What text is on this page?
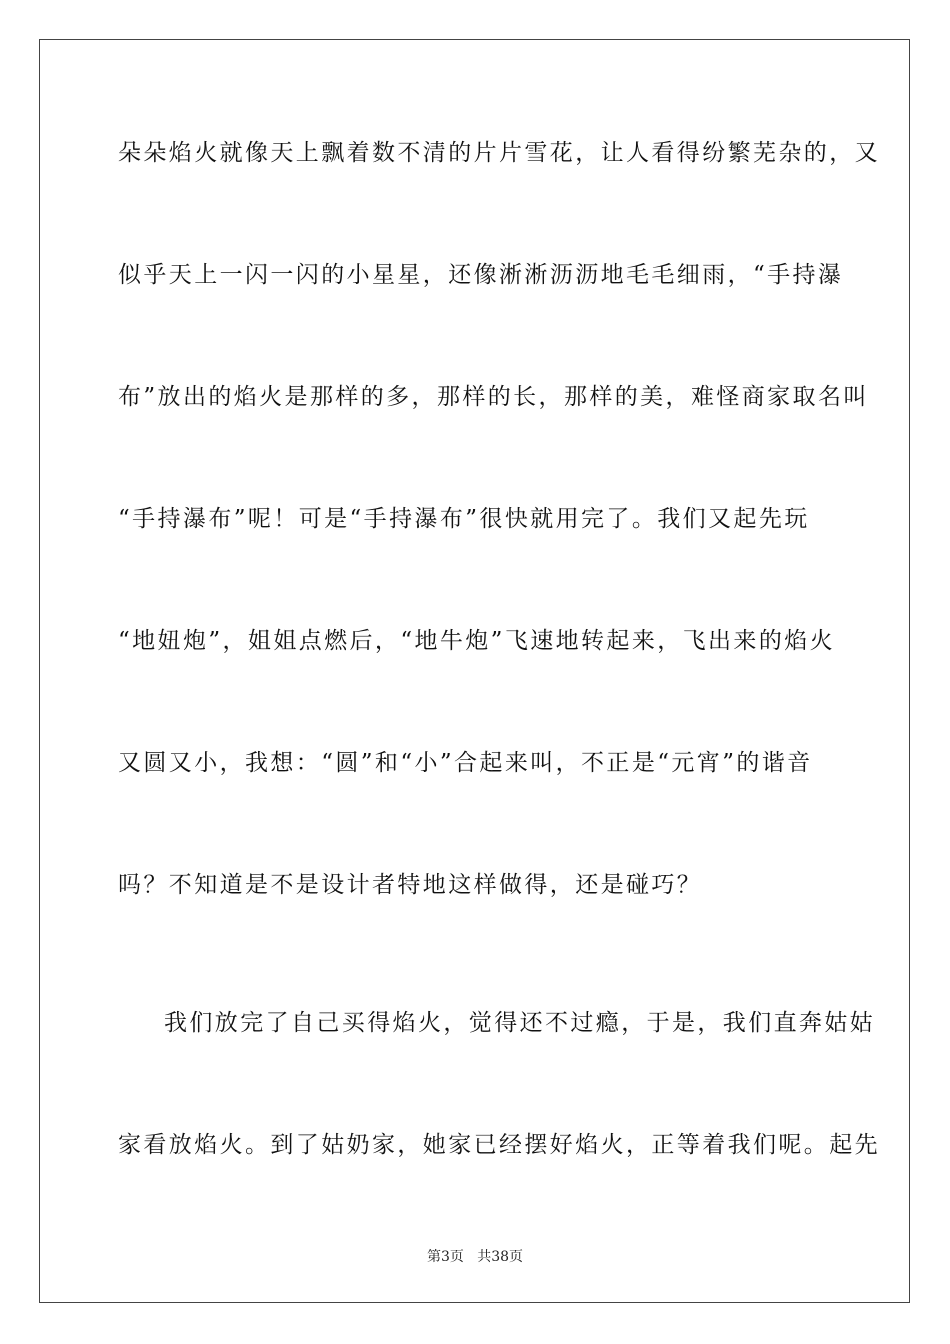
朵朵焰火就像天上飘着数不清的片片雪花，让人看得纷繁芜杂的，又
似乎天上一闪一闪的小星星，还像淅淅沥沥地毛毛细雨，“手持瀑
布”放出的焰火是那样的多，那样的长，那样的美，难怪商家取名叫
“手持瀑布”呢！可是“手持瀑布”很快就用完了。我们又起先玩
“地妞炮”，姐姐点燃后，“地牛炮”飞速地转起来，飞出来的焰火
又圆又小，我想：“圆”和“小”合起来叫，不正是“元宵”的谐音
吗？不知道是不是设计者特地这样做得，还是碰巧？
我们放完了自己买得焰火，觉得还不过瘾，于是，我们直奔姑姑
家看放焰火。到了姑奶家，她家已经摆好焰火，正等着我们呢。起先
第3页   共38页
